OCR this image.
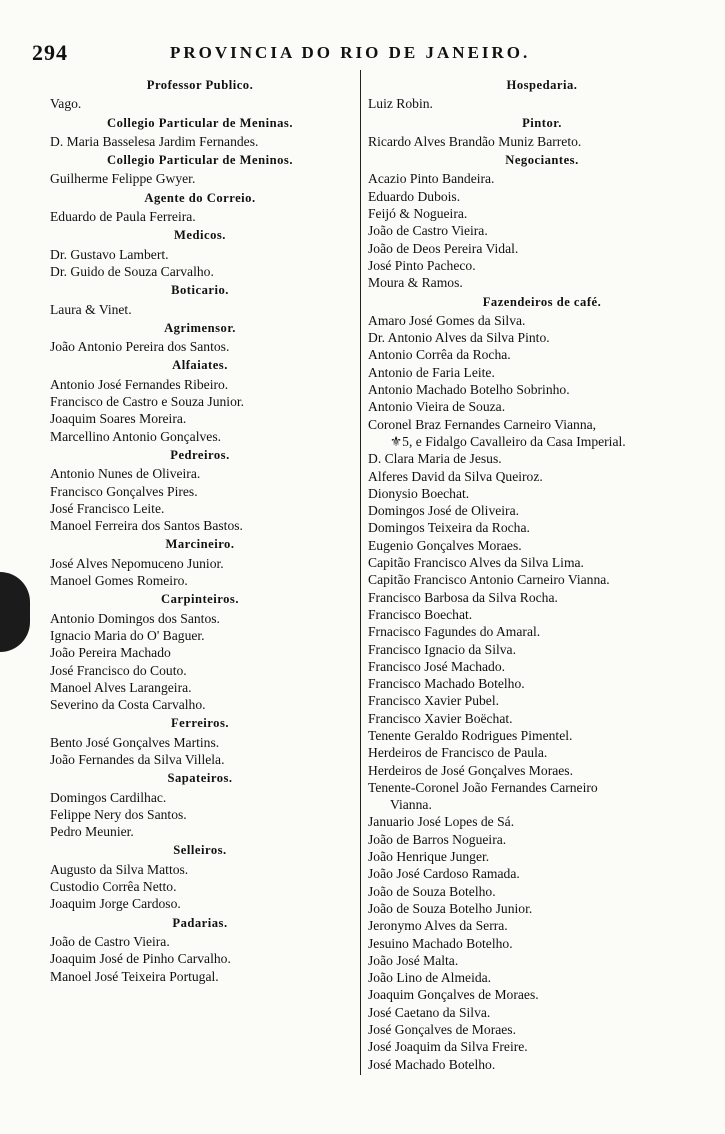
294	PROVINCIA DO RIO DE JANEIRO.
Professor Publico.
Vago.
Collegio Particular de Meninas.
D. Maria Basselesa Jardim Fernandes.
Collegio Particular de Meninos.
Guilherme Felippe Gwyer.
Agente do Correio.
Eduardo de Paula Ferreira.
Medicos.
Dr. Gustavo Lambert.
Dr. Guido de Souza Carvalho.
Boticario.
Laura & Vinet.
Agrimensor.
João Antonio Pereira dos Santos.
Alfaiates.
Antonio José Fernandes Ribeiro.
Francisco de Castro e Souza Junior.
Joaquim Soares Moreira.
Marcellino Antonio Gonçalves.
Pedreiros.
Antonio Nunes de Oliveira.
Francisco Gonçalves Pires.
José Francisco Leite.
Manoel Ferreira dos Santos Bastos.
Marcineiro.
José Alves Nepomuceno Junior.
Manoel Gomes Romeiro.
Carpinteiros.
Antonio Domingos dos Santos.
Ignacio Maria do O' Baguer.
João Pereira Machado
José Francisco do Couto.
Manoel Alves Larangeira.
Severino da Costa Carvalho.
Ferreiros.
Bento José Gonçalves Martins.
João Fernandes da Silva Villela.
Sapateiros.
Domingos Cardilhac.
Felippe Nery dos Santos.
Pedro Meunier.
Selleiros.
Augusto da Silva Mattos.
Custodio Corrêa Netto.
Joaquim Jorge Cardoso.
Padarias.
João de Castro Vieira.
Joaquim José de Pinho Carvalho.
Manoel José Teixeira Portugal.
Hospedaria.
Luiz Robin.
Pintor.
Ricardo Alves Brandão Muniz Barreto.
Negociantes.
Acazio Pinto Bandeira.
Eduardo Dubois.
Feijó & Nogueira.
João de Castro Vieira.
João de Deos Pereira Vidal.
José Pinto Pacheco.
Moura & Ramos.
Fazendeiros de café.
Amaro José Gomes da Silva.
Dr. Antonio Alves da Silva Pinto.
Antonio Corrêa da Rocha.
Antonio de Faria Leite.
Antonio Machado Botelho Sobrinho.
Antonio Vieira de Souza.
Coronel Braz Fernandes Carneiro Vianna,
⚜5, e Fidalgo Cavalleiro da Casa Imperial.
D. Clara Maria de Jesus.
Alferes David da Silva Queiroz.
Dionysio Boechat.
Domingos José de Oliveira.
Domingos Teixeira da Rocha.
Eugenio Gonçalves Moraes.
Capitão Francisco Alves da Silva Lima.
Capitão Francisco Antonio Carneiro Vianna.
Francisco Barbosa da Silva Rocha.
Francisco Boechat.
Frnacisco Fagundes do Amaral.
Francisco Ignacio da Silva.
Francisco José Machado.
Francisco Machado Botelho.
Francisco Xavier Pubel.
Francisco Xavier Boëchat.
Tenente Geraldo Rodrigues Pimentel.
Herdeiros de Francisco de Paula.
Herdeiros de José Gonçalves Moraes.
Tenente-Coronel João Fernandes Carneiro
Vianna.
Januario José Lopes de Sá.
João de Barros Nogueira.
João Henrique Junger.
João José Cardoso Ramada.
João de Souza Botelho.
João de Souza Botelho Junior.
Jeronymo Alves da Serra.
Jesuino Machado Botelho.
João José Malta.
João Lino de Almeida.
Joaquim Gonçalves de Moraes.
José Caetano da Silva.
José Gonçalves de Moraes.
José Joaquim da Silva Freire.
José Machado Botelho.
